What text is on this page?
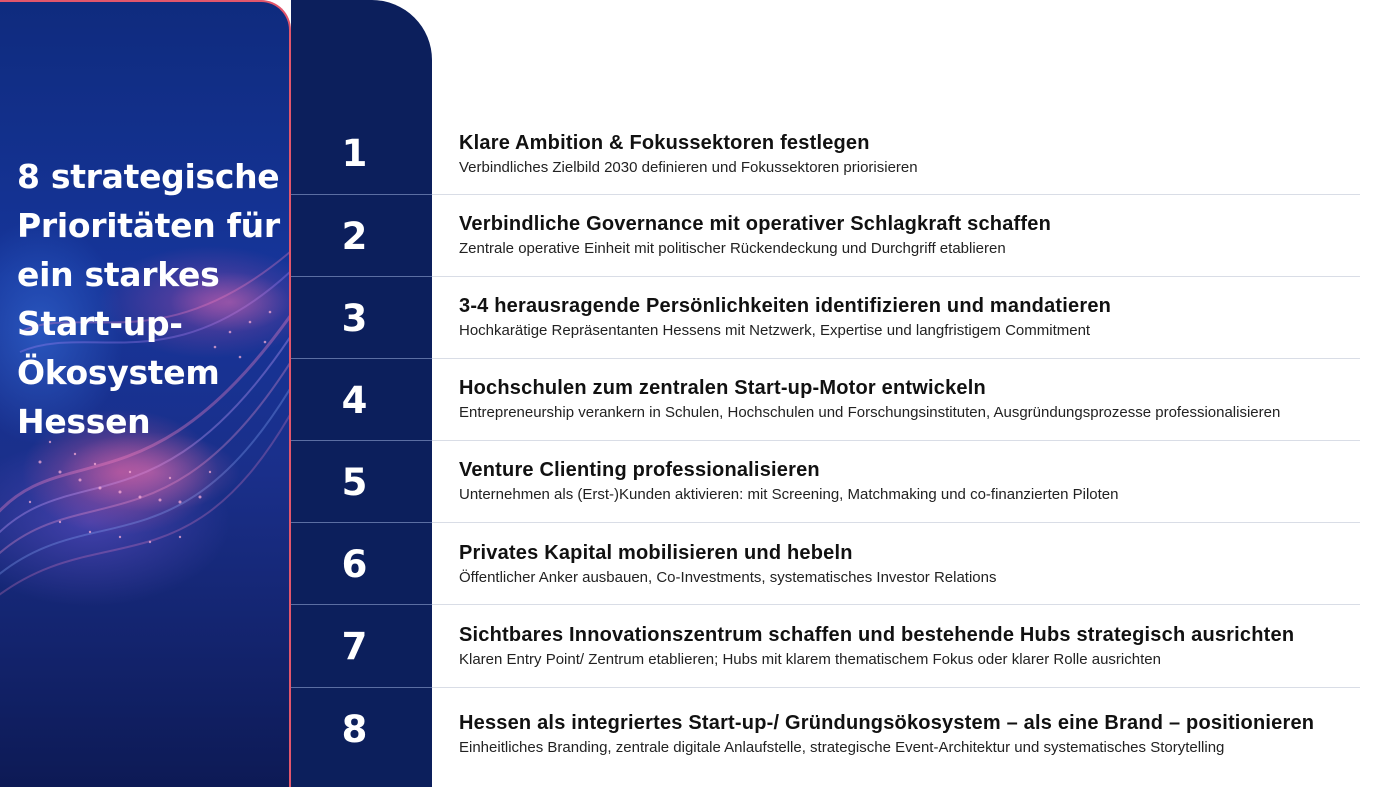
8 strategische
Prioritäten für
ein starkes
Start-up-
Ökosystem
Hessen
1	Klare Ambition & Fokussektoren festlegen

Verbindliches Zielbild 2030 definieren und Fokussektoren priorisieren

2	Verbindliche Governance mit operativer Schlagkraft schaffen

Zentrale operative Einheit mit politischer Rückendeckung und Durchgriff etablieren

3	3-4 herausragende Persönlichkeiten identifizieren und mandatieren

Hochkarätige Repräsentanten Hessens mit Netzwerk, Expertise und langfristigem Commitment

4	Hochschulen zum zentralen Start-up-Motor entwickeln

Entrepreneurship verankern in Schulen, Hochschulen und Forschungsinstituten, Ausgründungsprozesse professionalisieren

5	Venture Clienting professionalisieren

Unternehmen als (Erst-)Kunden aktivieren: mit Screening, Matchmaking und co-finanzierten Piloten

6	Privates Kapital mobilisieren und hebeln

Öffentlicher Anker ausbauen, Co-Investments, systematisches Investor Relations

7	Sichtbares Innovationszentrum schaffen und bestehende Hubs strategisch ausrichten

Klaren Entry Point/ Zentrum etablieren; Hubs mit klarem thematischem Fokus oder klarer Rolle ausrichten

8	Hessen als integriertes Start-up-/ Gründungsökosystem – als eine Brand – positionieren

Einheitliches Branding, zentrale digitale Anlaufstelle, strategische Event-Architektur und systematisches Storytelling
